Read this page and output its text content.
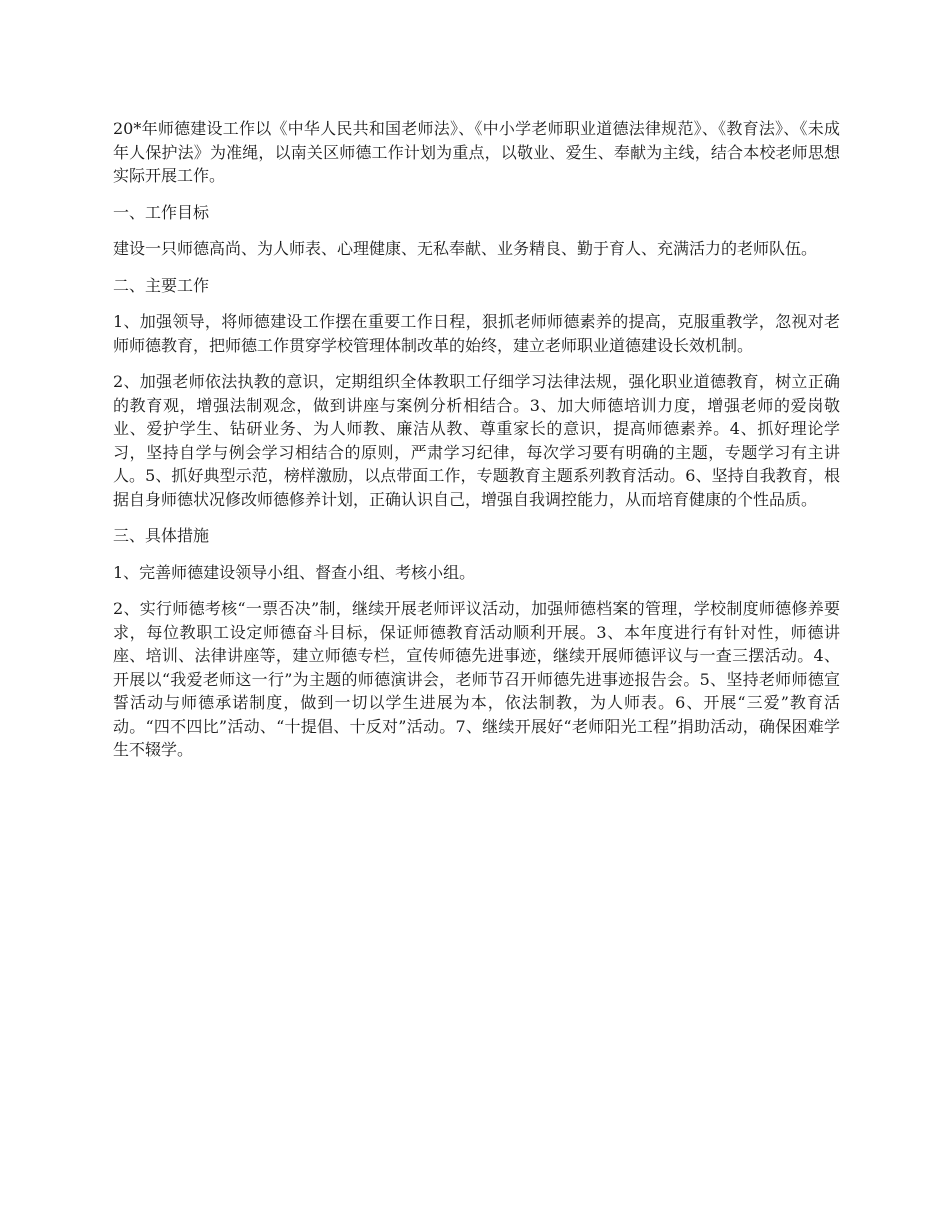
20*年师德建设工作以《中华人民共和国老师法》、《中小学老师职业道德法律规范》、《教育法》、《未成年人保护法》为准绳，以南关区师德工作计划为重点，以敬业、爱生、奉献为主线，结合本校老师思想实际开展工作。

一、工作目标

建设一只师德高尚、为人师表、心理健康、无私奉献、业务精良、勤于育人、充满活力的老师队伍。

二、主要工作

1、加强领导，将师德建设工作摆在重要工作日程，狠抓老师师德素养的提高，克服重教学，忽视对老师师德教育，把师德工作贯穿学校管理体制改革的始终，建立老师职业道德建设长效机制。

2、加强老师依法执教的意识，定期组织全体教职工仔细学习法律法规，强化职业道德教育，树立正确的教育观，增强法制观念，做到讲座与案例分析相结合。3、加大师德培训力度，增强老师的爱岗敬业、爱护学生、钻研业务、为人师教、廉洁从教、尊重家长的意识，提高师德素养。4、抓好理论学习，坚持自学与例会学习相结合的原则，严肃学习纪律，每次学习要有明确的主题，专题学习有主讲人。5、抓好典型示范，榜样激励，以点带面工作，专题教育主题系列教育活动。6、坚持自我教育，根据自身师德状况修改师德修养计划，正确认识自己，增强自我调控能力，从而培育健康的个性品质。

三、具体措施

1、完善师德建设领导小组、督查小组、考核小组。

2、实行师德考核“一票否决”制，继续开展老师评议活动，加强师德档案的管理，学校制度师德修养要求，每位教职工设定师德奋斗目标，保证师德教育活动顺利开展。3、本年度进行有针对性，师德讲座、培训、法律讲座等，建立师德专栏，宣传师德先进事迹，继续开展师德评议与一查三摆活动。4、开展以“我爱老师这一行”为主题的师德演讲会，老师节召开师德先进事迹报告会。5、坚持老师师德宣誓活动与师德承诺制度，做到一切以学生进展为本，依法制教，为人师表。6、开展“三爱”教育活动。“四不四比”活动、“十提倡、十反对”活动。7、继续开展好“老师阳光工程”捐助活动，确保困难学生不辍学。
